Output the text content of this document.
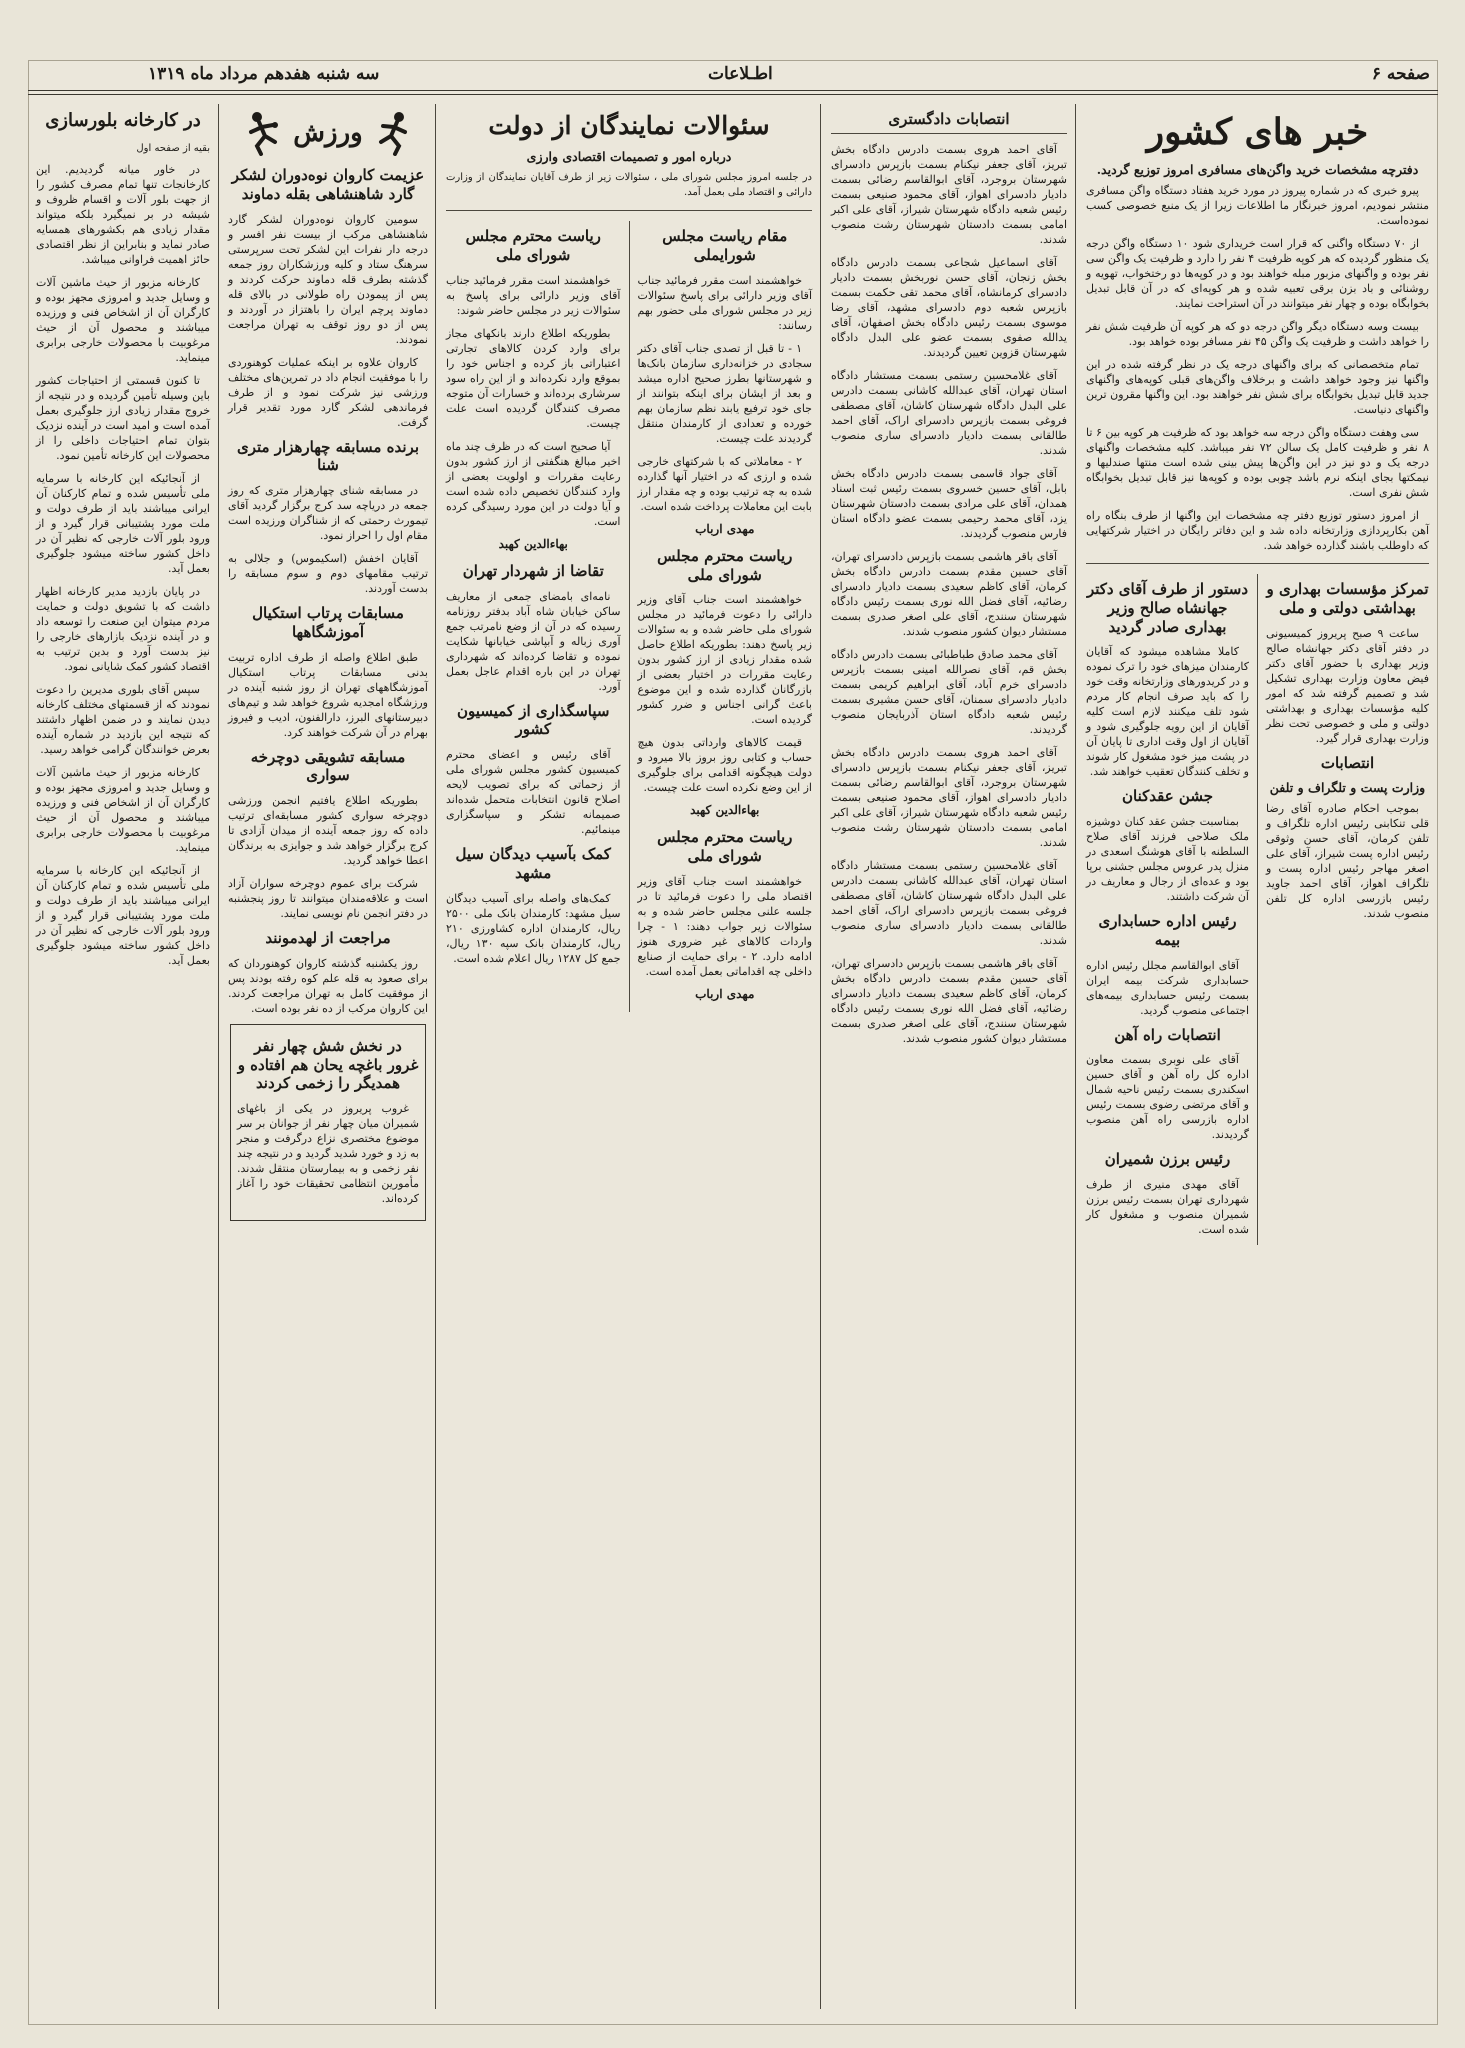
صفحه ۶
اطـلاعات
سه شنبه هفدهم مرداد ماه ۱۳۱۹
خبر های کشور
دفترچه مشخصات خرید واگن‌های مسافری امروز توزیع گردید.

پیرو خبری که در شماره پیروز در مورد خرید هفتاد دستگاه واگن مسافری منتشر نمودیم، امروز خبرنگار ما اطلاعات زیرا از یک منبع خصوصی کسب نموده‌است.

از ۷۰ دستگاه واگنی که قرار است خریداری شود ۱۰ دستگاه واگن درجه یک منظور گردیده که هر کوپه ظرفیت ۴ نفر را دارد و ظرفیت یک واگن سی نفر بوده و واگنهای مزبور مبله خواهند بود و در کوپه‌ها دو رختخواب، تهویه و روشنائی و باد بزن برقی تعبیه شده و هر کوپه‌ای که در آن قابل تبدیل بخوابگاه بوده و چهار نفر میتوانند در آن استراحت نمایند.

بیست وسه دستگاه دیگر واگن درجه دو که هر کوپه آن ظرفیت شش نفر را خواهد داشت و ظرفیت یک واگن ۴۵ نفر مسافر بوده خواهد بود.

تمام متخصصانی که برای واگنهای درجه یک در نظر گرفته شده در این واگنها نیز وجود خواهد داشت و برخلاف واگن‌های قبلی کوپه‌های واگنهای جدید قابل تبدیل بخوابگاه برای شش نفر خواهند بود. این واگنها مقرون ترین واگنهای دنیاست.

سی وهفت دستگاه واگن درجه سه خواهد بود که ظرفیت هر کوپه بین ۶ تا ۸ نفر و ظرفیت کامل یک سالن ۷۲ نفر میباشد. کلیه مشخصات واگنهای درجه یک و دو نیز در این واگن‌ها پیش بینی شده است منتها صندلیها و نیمکتها بجای اینکه نرم باشد چوبی بوده و کوپه‌ها نیز قابل تبدیل بخوابگاه شش نفری است.

از امروز دستور توزیع دفتر چه مشخصات این واگنها از طرف بنگاه راه آهن بکارپردازی وزارتخانه داده شد و این دفاتر رایگان در اختیار شرکتهایی که داوطلب باشند گذارده خواهد شد.

تمرکز مؤسسات بهداری و بهداشتی دولتی و ملی

ساعت ۹ صبح پریروز کمیسیونی در دفتر آقای دکتر جهانشاه صالح وزیر بهداری با حضور آقای دکتر فیض معاون وزارت بهداری تشکیل شد و تصمیم گرفته شد که امور کلیه مؤسسات بهداری و بهداشتی دولتی و ملی و خصوصی تحت نظر وزارت بهداری قرار گیرد.

انتصابات
وزارت پست و تلگراف و تلفن

بموجب احکام صادره آقای رضا قلی تنکابنی رئیس اداره تلگراف و تلفن کرمان، آقای حسن وثوقی رئیس اداره پست شیراز، آقای علی اصغر مهاجر رئیس اداره پست و تلگراف اهواز، آقای احمد جاوید رئیس بازرسی اداره کل تلفن منصوب شدند.

دستور از طرف آقای دکتر جهانشاه صالح وزیر بهداری صادر گردید

کاملا مشاهده میشود که آقایان کارمندان میزهای خود را ترک نموده و در کریدورهای وزارتخانه وقت خود را که باید صرف انجام کار مردم شود تلف میکنند لازم است کلیه آقایان از این رویه جلوگیری شود و آقایان از اول وقت اداری تا پایان آن در پشت میز خود مشغول کار شوند و تخلف کنندگان تعقیب خواهند شد.

جشن عقدکنان

بمناسبت جشن عقد کنان دوشیزه ملک صلاحی فرزند آقای صلاح السلطنه با آقای هوشنگ اسعدی در منزل پدر عروس مجلس جشنی برپا بود و عده‌ای از رجال و معاریف در آن شرکت داشتند.

رئیس اداره حسابداری بیمه

آقای ابوالقاسم مجلل رئیس اداره حسابداری شرکت بیمه ایران بسمت رئیس حسابداری بیمه‌های اجتماعی منصوب گردید.

انتصابات راه آهن

آقای علی نوبری بسمت معاون اداره کل راه آهن و آقای حسین اسکندری بسمت رئیس ناحیه شمال و آقای مرتضی رضوی بسمت رئیس اداره بازرسی راه آهن منصوب گردیدند.

رئیس برزن شمیران

آقای مهدی منیری از طرف شهرداری تهران بسمت رئیس برزن شمیران منصوب و مشغول کار شده است.

انتصابات دادگستری

آقای احمد هروی بسمت دادرس دادگاه بخش تبریز، آقای جعفر نیکنام بسمت بازپرس دادسرای شهرستان بروجرد، آقای ابوالقاسم رضائی بسمت دادیار دادسرای اهواز، آقای محمود صنیعی بسمت رئیس شعبه دادگاه شهرستان شیراز، آقای علی اکبر امامی بسمت دادستان شهرستان رشت منصوب شدند.

آقای اسماعیل شجاعی بسمت دادرس دادگاه بخش زنجان، آقای حسن نوربخش بسمت دادیار دادسرای کرمانشاه، آقای محمد تقی حکمت بسمت بازپرس شعبه دوم دادسرای مشهد، آقای رضا موسوی بسمت رئیس دادگاه بخش اصفهان، آقای یدالله صفوی بسمت عضو علی البدل دادگاه شهرستان قزوین تعیین گردیدند.

آقای غلامحسین رستمی بسمت مستشار دادگاه استان تهران، آقای عبدالله کاشانی بسمت دادرس علی البدل دادگاه شهرستان کاشان، آقای مصطفی فروغی بسمت بازپرس دادسرای اراک، آقای احمد طالقانی بسمت دادیار دادسرای ساری منصوب شدند.

آقای جواد قاسمی بسمت دادرس دادگاه بخش بابل، آقای حسین خسروی بسمت رئیس ثبت اسناد همدان، آقای علی مرادی بسمت دادستان شهرستان یزد، آقای محمد رحیمی بسمت عضو دادگاه استان فارس منصوب گردیدند.

آقای باقر هاشمی بسمت بازپرس دادسرای تهران، آقای حسین مقدم بسمت دادرس دادگاه بخش کرمان، آقای کاظم سعیدی بسمت دادیار دادسرای رضائیه، آقای فضل الله نوری بسمت رئیس دادگاه شهرستان سنندج، آقای علی اصغر صدری بسمت مستشار دیوان کشور منصوب شدند.

آقای محمد صادق طباطبائی بسمت دادرس دادگاه بخش قم، آقای نصرالله امینی بسمت بازپرس دادسرای خرم آباد، آقای ابراهیم کریمی بسمت دادیار دادسرای سمنان، آقای حسن مشیری بسمت رئیس شعبه دادگاه استان آذربایجان منصوب گردیدند.

آقای احمد هروی بسمت دادرس دادگاه بخش تبریز، آقای جعفر نیکنام بسمت بازپرس دادسرای شهرستان بروجرد، آقای ابوالقاسم رضائی بسمت دادیار دادسرای اهواز، آقای محمود صنیعی بسمت رئیس شعبه دادگاه شهرستان شیراز، آقای علی اکبر امامی بسمت دادستان شهرستان رشت منصوب شدند.

آقای غلامحسین رستمی بسمت مستشار دادگاه استان تهران، آقای عبدالله کاشانی بسمت دادرس علی البدل دادگاه شهرستان کاشان، آقای مصطفی فروغی بسمت بازپرس دادسرای اراک، آقای احمد طالقانی بسمت دادیار دادسرای ساری منصوب شدند.

آقای باقر هاشمی بسمت بازپرس دادسرای تهران، آقای حسین مقدم بسمت دادرس دادگاه بخش کرمان، آقای کاظم سعیدی بسمت دادیار دادسرای رضائیه، آقای فضل الله نوری بسمت رئیس دادگاه شهرستان سنندج، آقای علی اصغر صدری بسمت مستشار دیوان کشور منصوب شدند.

سئوالات نمایندگان از دولت
درباره امور و تصمیمات اقتصادی وارزی

در جلسه امروز مجلس شورای ملی ، سئوالات زیر از طرف آقایان نمایندگان از وزارت دارائی و اقتصاد ملی بعمل آمد.

مقام ریاست مجلس شورایملی

خواهشمند است مقرر فرمائید جناب آقای وزیر دارائی برای پاسخ سئوالات زیر در مجلس شورای ملی حضور بهم رسانند:

۱ - تا قبل از تصدی جناب آقای دکتر سجادی در خزانه‌داری سازمان بانک‌ها و شهرستانها بطرز صحیح اداره میشد و بعد از ایشان برای اینکه بتوانند از جای خود ترفیع یابند نظم سازمان بهم خورده و تعدادی از کارمندان منتقل گردیدند علت چیست.

۲ - معاملاتی که با شرکتهای خارجی شده و ارزی که در اختیار آنها گذارده شده به چه ترتیب بوده و چه مقدار ارز بابت این معاملات پرداخت شده است.

مهدی ارباب
ریاست محترم مجلس شورای ملی

خواهشمند است جناب آقای وزیر دارائی را دعوت فرمائید در مجلس شورای ملی حاضر شده و به سئوالات زیر پاسخ دهند: بطوریکه اطلاع حاصل شده مقدار زیادی از ارز کشور بدون رعایت مقررات در اختیار بعضی از بازرگانان گذارده شده و این موضوع باعث گرانی اجناس و ضرر کشور گردیده است.

قیمت کالاهای وارداتی بدون هیچ حساب و کتابی روز بروز بالا میرود و دولت هیچگونه اقدامی برای جلوگیری از این وضع نکرده است علت چیست.

بهاءالدین کهبد
ریاست محترم مجلس شورای ملی

خواهشمند است جناب آقای وزیر اقتصاد ملی را دعوت فرمائید تا در جلسه علنی مجلس حاضر شده و به سئوالات زیر جواب دهند: ۱ - چرا واردات کالاهای غیر ضروری هنوز ادامه دارد. ۲ - برای حمایت از صنایع داخلی چه اقداماتی بعمل آمده است.

مهدی ارباب
ریاست محترم مجلس شورای ملی

خواهشمند است مقرر فرمائید جناب آقای وزیر دارائی برای پاسخ به سئوالات زیر در مجلس حاضر شوند:

بطوریکه اطلاع دارند بانکهای مجاز برای وارد کردن کالاهای تجارتی اعتباراتی باز کرده و اجناس خود را بموقع وارد نکرده‌اند و از این راه سود سرشاری برده‌اند و خسارات آن متوجه مصرف کنندگان گردیده است علت چیست.

آیا صحیح است که در ظرف چند ماه اخیر مبالغ هنگفتی از ارز کشور بدون رعایت مقررات و اولویت بعضی از وارد کنندگان تخصیص داده شده است و آیا دولت در این مورد رسیدگی کرده است.

بهاءالدین کهبد
تقاضا از شهردار تهران

نامه‌ای بامضای جمعی از معاریف ساکن خیابان شاه آباد بدفتر روزنامه رسیده که در آن از وضع نامرتب جمع آوری زباله و آبپاشی خیابانها شکایت نموده و تقاضا کرده‌اند که شهرداری تهران در این باره اقدام عاجل بعمل آورد.

سپاسگذاری از کمیسیون کشور

آقای رئیس و اعضای محترم کمیسیون کشور مجلس شورای ملی از زحماتی که برای تصویب لایحه اصلاح قانون انتخابات متحمل شده‌اند صمیمانه تشکر و سپاسگزاری مینمائیم.

کمک بآسیب دیدگان سیل مشهد

کمک‌های واصله برای آسیب دیدگان سیل مشهد: کارمندان بانک ملی ۲۵۰۰ ریال، کارمندان اداره کشاورزی ۲۱۰ ریال، کارمندان بانک سپه ۱۳۰ ریال، جمع کل ۱۲۸۷ ریال اعلام شده است.

ورزش
عزیمت کاروان نوه‌دوران لشکر گارد شاهنشاهی بقله دماوند

سومین کاروان نوه‌دوران لشکر گارد شاهنشاهی مرکب از بیست نفر افسر و درجه دار نفرات این لشکر تحت سرپرستی سرهنگ ستاد و کلیه ورزشکاران روز جمعه گذشته بطرف قله دماوند حرکت کردند و پس از پیمودن راه طولانی در بالای قله دماوند پرچم ایران را باهتزاز در آوردند و پس از دو روز توقف به تهران مراجعت نمودند.

کاروان علاوه بر اینکه عملیات کوهنوردی را با موفقیت انجام داد در تمرین‌های مختلف ورزشی نیز شرکت نمود و از طرف فرماندهی لشکر گارد مورد تقدیر قرار گرفت.

برنده مسابقه چهارهزار متری شنا

در مسابقه شنای چهارهزار متری که روز جمعه در دریاچه سد کرج برگزار گردید آقای تیمورث رحمتی که از شناگران ورزیده است مقام اول را احراز نمود.

آقایان اخفش (اسکیموس) و جلالی به ترتیب مقامهای دوم و سوم مسابقه را بدست آوردند.

مسابقات پرتاب استکیال آموزشگاهها

طبق اطلاع واصله از طرف اداره تربیت بدنی مسابقات پرتاب استکیال آموزشگاههای تهران از روز شنبه آینده در ورزشگاه امجدیه شروع خواهد شد و تیم‌های دبیرستانهای البرز، دارالفنون، ادیب و فیروز بهرام در آن شرکت خواهند کرد.

مسابقه تشویقی دوچرخه سواری

بطوریکه اطلاع یافتیم انجمن ورزشی دوچرخه سواری کشور مسابقه‌ای ترتیب داده که روز جمعه آینده از میدان آزادی تا کرج برگزار خواهد شد و جوایزی به برندگان اعطا خواهد گردید.

شرکت برای عموم دوچرخه سواران آزاد است و علاقه‌مندان میتوانند تا روز پنجشنبه در دفتر انجمن نام نویسی نمایند.

مراجعت از لهدمونند

روز یکشنبه گذشته کاروان کوهنوردان که برای صعود به قله علم کوه رفته بودند پس از موفقیت کامل به تهران مراجعت کردند. این کاروان مرکب از ده نفر بوده است.

در نخش شش چهار نفر غرور باغچه یحان هم افتاده و همدیگر را زخمی کردند

غروب پریروز در یکی از باغهای شمیران میان چهار نفر از جوانان بر سر موضوع مختصری نزاع درگرفت و منجر به زد و خورد شدید گردید و در نتیجه چند نفر زخمی و به بیمارستان منتقل شدند. مأمورین انتظامی تحقیقات خود را آغاز کرده‌اند.

در کارخانه بلورسازی
بقیه از صفحه اول

در خاور میانه گردیدیم. این کارخانجات تنها تمام مصرف کشور را از جهت بلور آلات و اقسام ظروف و شیشه در بر نمیگیرد بلکه میتواند مقدار زیادی هم بکشورهای همسایه صادر نماید و بنابراین از نظر اقتصادی حائز اهمیت فراوانی میباشد.

کارخانه مزبور از حیث ماشین آلات و وسایل جدید و امروزی مجهز بوده و کارگران آن از اشخاص فنی و ورزیده میباشند و محصول آن از حیث مرغوبیت با محصولات خارجی برابری مینماید.

تا کنون قسمتی از احتیاجات کشور باین وسیله تأمین گردیده و در نتیجه از خروج مقدار زیادی ارز جلوگیری بعمل آمده است و امید است در آینده نزدیک بتوان تمام احتیاجات داخلی را از محصولات این کارخانه تأمین نمود.

از آنجائیکه این کارخانه با سرمایه ملی تأسیس شده و تمام کارکنان آن ایرانی میباشند باید از طرف دولت و ملت مورد پشتیبانی قرار گیرد و از ورود بلور آلات خارجی که نظیر آن در داخل کشور ساخته میشود جلوگیری بعمل آید.

در پایان بازدید مدیر کارخانه اظهار داشت که با تشویق دولت و حمایت مردم میتوان این صنعت را توسعه داد و در آینده نزدیک بازارهای خارجی را نیز بدست آورد و بدین ترتیب به اقتصاد کشور کمک شایانی نمود.

سپس آقای بلوری مدیرین را دعوت نمودند که از قسمتهای مختلف کارخانه دیدن نمایند و در ضمن اظهار داشتند که نتیجه این بازدید در شماره آینده بعرض خوانندگان گرامی خواهد رسید.

کارخانه مزبور از حیث ماشین آلات و وسایل جدید و امروزی مجهز بوده و کارگران آن از اشخاص فنی و ورزیده میباشند و محصول آن از حیث مرغوبیت با محصولات خارجی برابری مینماید.

از آنجائیکه این کارخانه با سرمایه ملی تأسیس شده و تمام کارکنان آن ایرانی میباشند باید از طرف دولت و ملت مورد پشتیبانی قرار گیرد و از ورود بلور آلات خارجی که نظیر آن در داخل کشور ساخته میشود جلوگیری بعمل آید.
